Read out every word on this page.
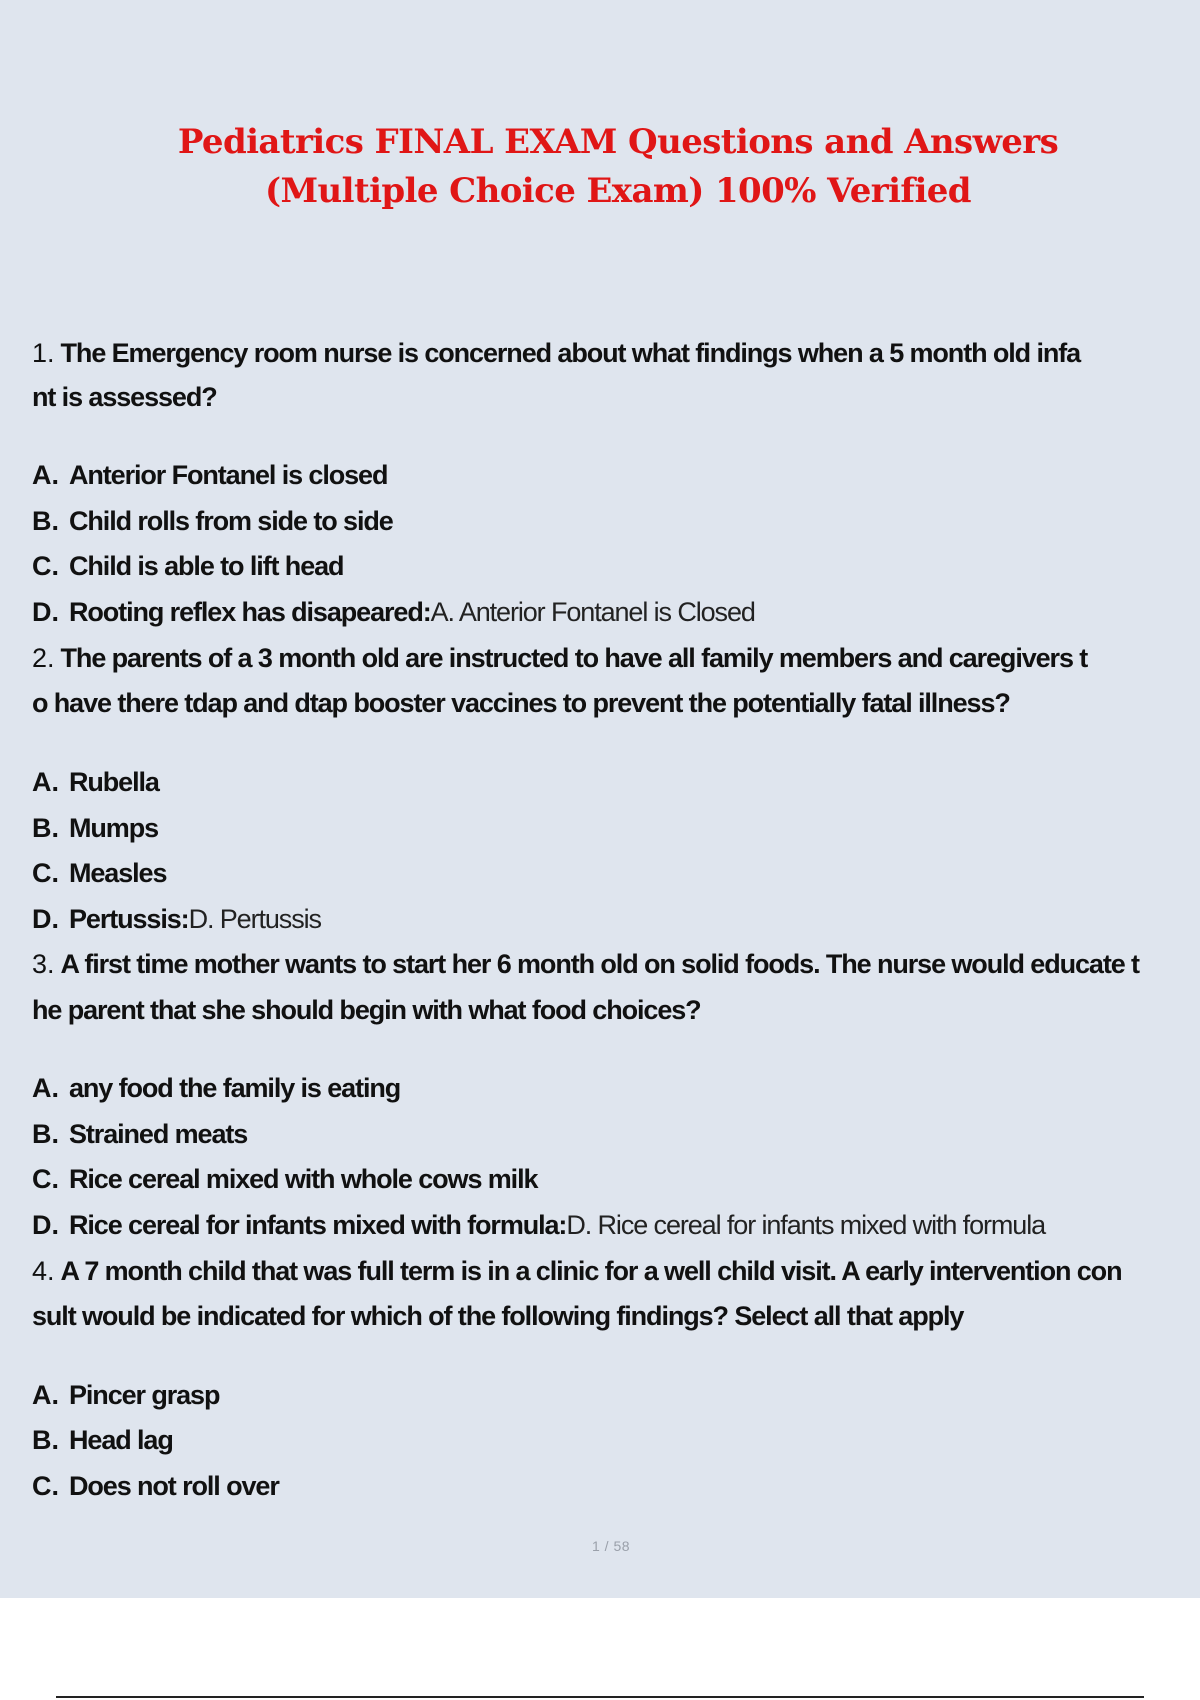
Pediatrics FINAL EXAM Questions and Answers
(Multiple Choice Exam) 100% Verified
1. The Emergency room nurse is concerned about what findings when a 5 month old infa
nt is assessed?
A. Anterior Fontanel is closed
B. Child rolls from side to side
C. Child is able to lift head
D. Rooting reflex has disapeared:A. Anterior Fontanel is Closed
2. The parents of a 3 month old are instructed to have all family members and caregivers t
o have there tdap and dtap booster vaccines to prevent the potentially fatal illness?
A. Rubella
B. Mumps
C. Measles
D. Pertussis:D. Pertussis
3. A first time mother wants to start her 6 month old on solid foods. The nurse would educate t
he parent that she should begin with what food choices?
A. any food the family is eating
B. Strained meats
C. Rice cereal mixed with whole cows milk
D. Rice cereal for infants mixed with formula:D. Rice cereal for infants mixed with formula
4. A 7 month child that was full term is in a clinic for a well child visit. A early intervention con
sult would be indicated for which of the following findings? Select all that apply
A. Pincer grasp
B. Head lag
C. Does not roll over
1 / 58
